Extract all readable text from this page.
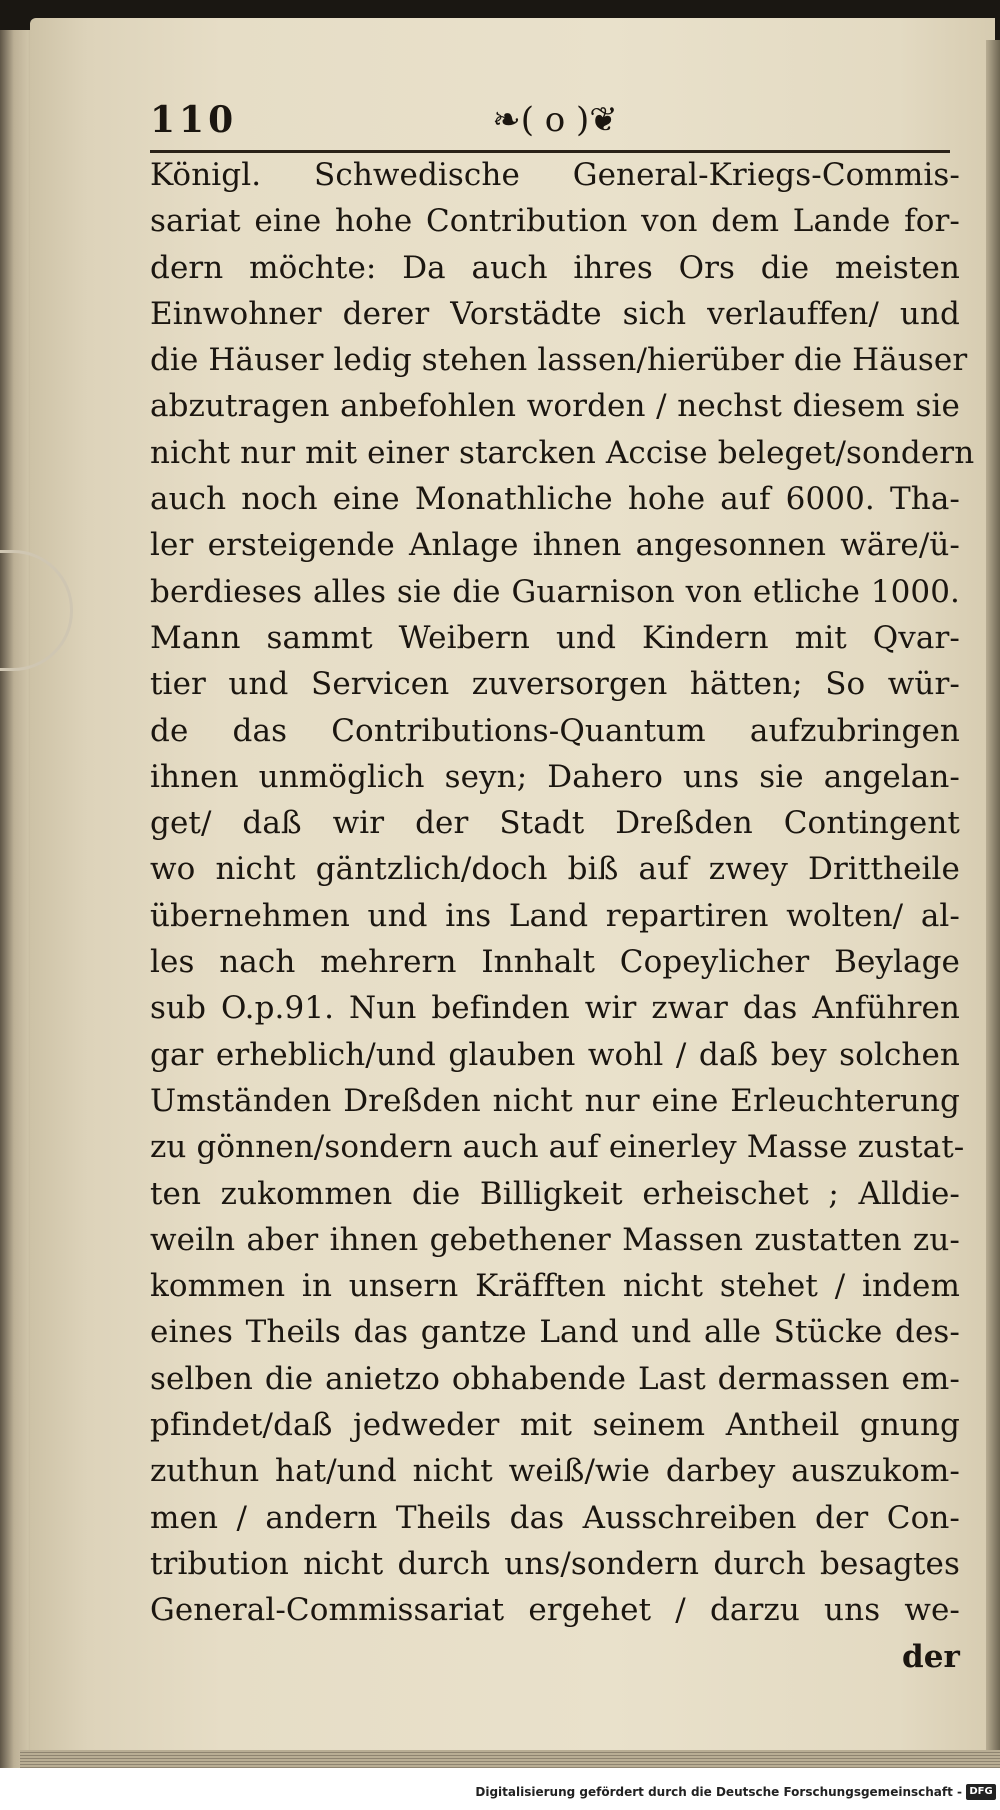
110	❧( o )❦
Königl. Schwedische General-Kriegs-Commis-
sariat eine hohe Contribution von dem Lande for-
dern möchte: Da auch ihres Ors die meisten
Einwohner derer Vorstädte sich verlauffen/ und
die Häuser ledig stehen lassen/hierüber die Häuser
abzutragen anbefohlen worden / nechst diesem sie
nicht nur mit einer starcken Accise beleget/sondern
auch noch eine Monathliche hohe auf 6000. Tha-
ler ersteigende Anlage ihnen angesonnen wäre/ü-
berdieses alles sie die Guarnison von etliche 1000.
Mann sammt Weibern und Kindern mit Qvar-
tier und Servicen zuversorgen hätten; So wür-
de das Contributions-Quantum aufzubringen
ihnen unmöglich seyn; Dahero uns sie angelan-
get/ daß wir der Stadt Dreßden Contingent
wo nicht gäntzlich/doch biß auf zwey Drittheile
übernehmen und ins Land repartiren wolten/ al-
les nach mehrern Innhalt Copeylicher Beylage
sub O.p.91. Nun befinden wir zwar das Anführen
gar erheblich/und glauben wohl / daß bey solchen
Umständen Dreßden nicht nur eine Erleuchterung
zu gönnen/sondern auch auf einerley Masse zustat-
ten zukommen die Billigkeit erheischet ; Alldie-
weiln aber ihnen gebethener Massen zustatten zu-
kommen in unsern Kräfften nicht stehet / indem
eines Theils das gantze Land und alle Stücke des-
selben die anietzo obhabende Last dermassen em-
pfindet/daß jedweder mit seinem Antheil gnung
zuthun hat/und nicht weiß/wie darbey auszukom-
men / andern Theils das Ausschreiben der Con-
tribution nicht durch uns/sondern durch besagtes
General-Commissariat ergehet / darzu uns we-
der
Digitalisierung gefördert durch die Deutsche Forschungsgemeinschaft - DFG
